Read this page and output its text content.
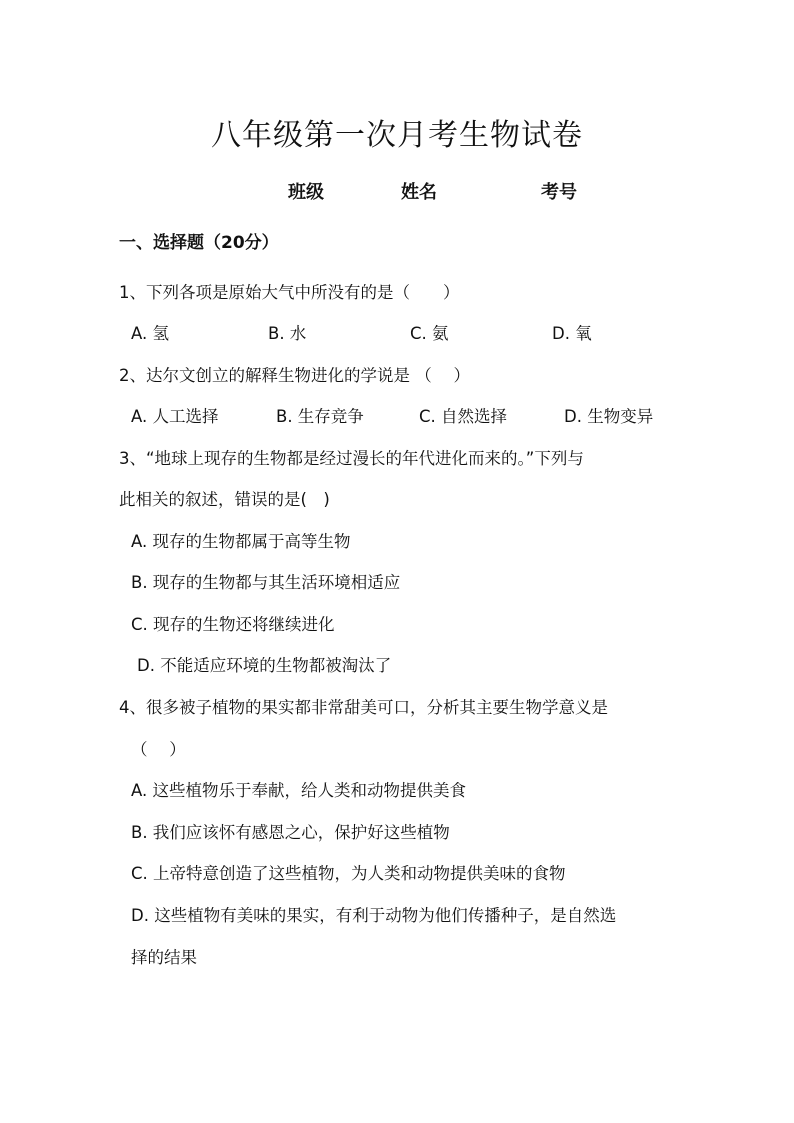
八年级第一次月考生物试卷
班级	姓名	考号
一、选择题（20分）
1、下列各项是原始大气中所没有的是（　　）
A. 氢	B. 水	C. 氨	D. 氧
2、达尔文创立的解释生物进化的学说是 （　 ）
A. 人工选择	B. 生存竞争	C. 自然选择	D. 生物变异
3、“地球上现存的生物都是经过漫长的年代进化而来的。”下列与
此相关的叙述，错误的是(　)
A. 现存的生物都属于高等生物
B. 现存的生物都与其生活环境相适应
C. 现存的生物还将继续进化
D. 不能适应环境的生物都被淘汰了
4、很多被子植物的果实都非常甜美可口，分析其主要生物学意义是
（　 ）
A. 这些植物乐于奉献，给人类和动物提供美食
B. 我们应该怀有感恩之心，保护好这些植物
C. 上帝特意创造了这些植物，为人类和动物提供美味的食物
D. 这些植物有美味的果实，有利于动物为他们传播种子，是自然选
择的结果
